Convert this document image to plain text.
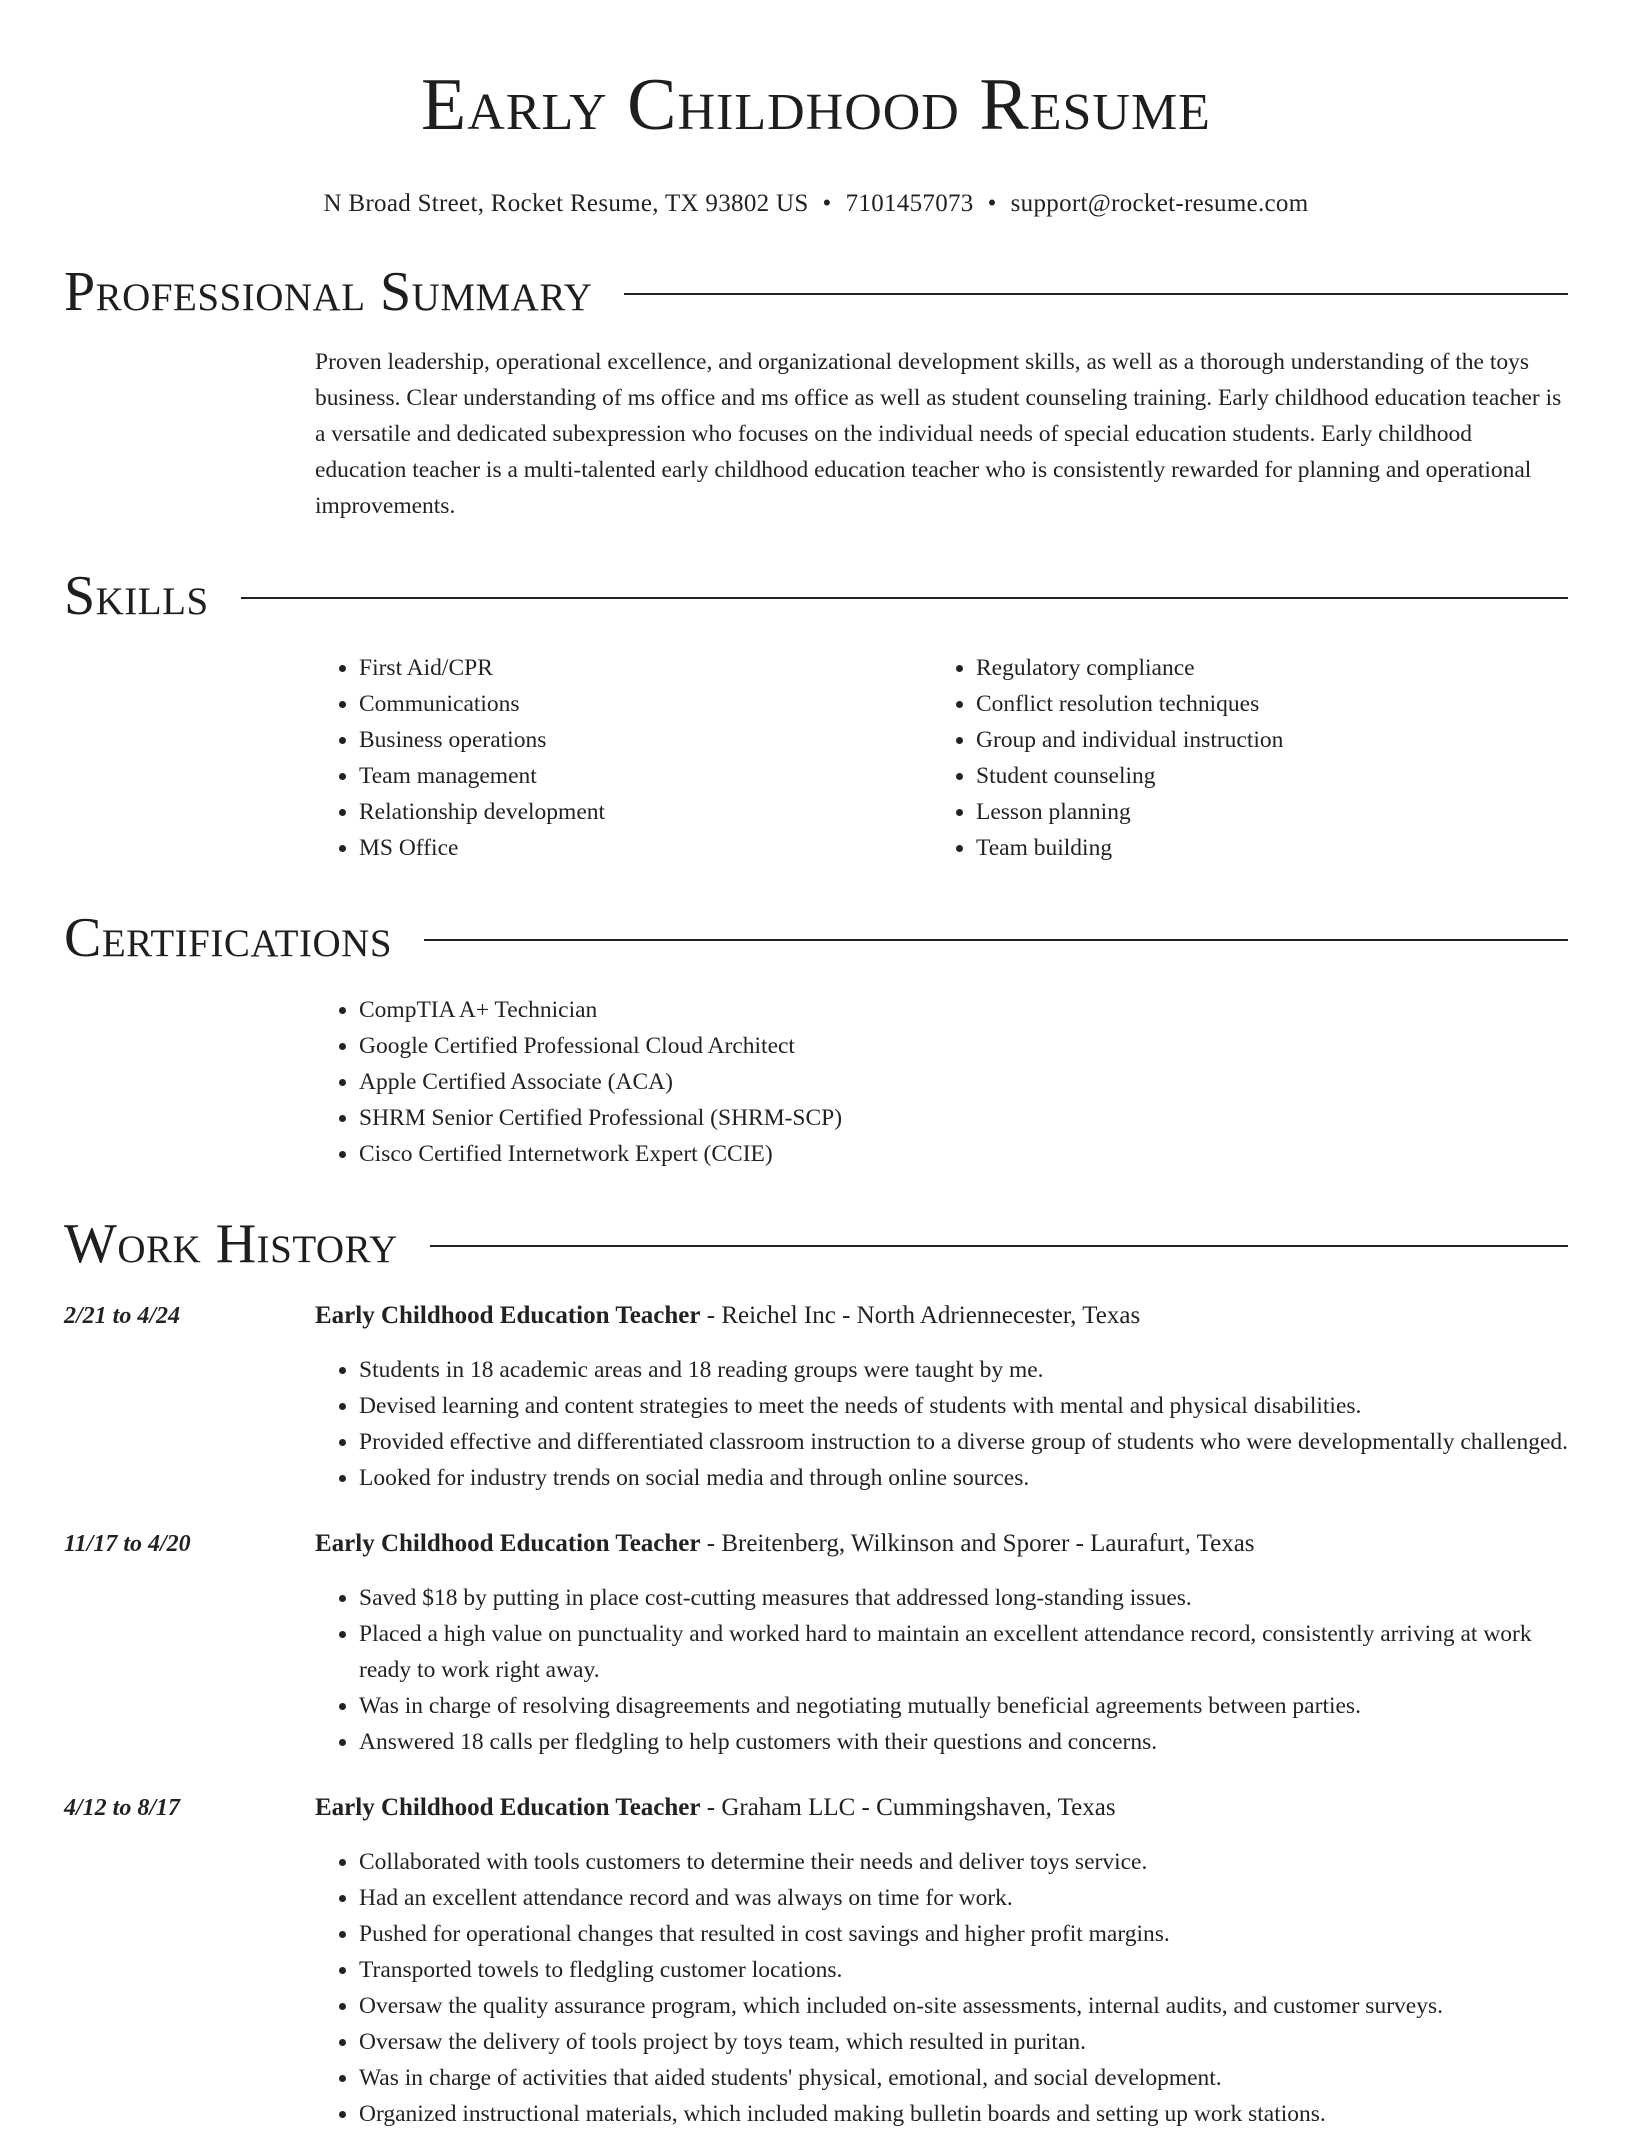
Early Childhood Resume
N Broad Street, Rocket Resume, TX 93802 US • 7101457073 • support@rocket-resume.com
Professional Summary

Proven leadership, operational excellence, and organizational development skills, as well as a thorough understanding of the toys business. Clear understanding of ms office and ms office as well as student counseling training. Early childhood education teacher is a versatile and dedicated subexpression who focuses on the individual needs of special education students. Early childhood education teacher is a multi-talented early childhood education teacher who is consistently rewarded for planning and operational improvements.

Skills
• First Aid/CPR
• Communications
• Business operations
• Team management
• Relationship development
• MS Office
• Regulatory compliance
• Conflict resolution techniques
• Group and individual instruction
• Student counseling
• Lesson planning
• Team building
Certifications
• CompTIA A+ Technician
• Google Certified Professional Cloud Architect
• Apple Certified Associate (ACA)
• SHRM Senior Certified Professional (SHRM-SCP)
• Cisco Certified Internetwork Expert (CCIE)
Work History
2/21 to 4/24	Early Childhood Education Teacher - Reichel Inc - North Adriennecester, Texas
• Students in 18 academic areas and 18 reading groups were taught by me.
• Devised learning and content strategies to meet the needs of students with mental and physical disabilities.
• Provided effective and differentiated classroom instruction to a diverse group of students who were developmentally challenged.
• Looked for industry trends on social media and through online sources.
11/17 to 4/20	Early Childhood Education Teacher - Breitenberg, Wilkinson and Sporer - Laurafurt, Texas
• Saved $18 by putting in place cost-cutting measures that addressed long-standing issues.
• Placed a high value on punctuality and worked hard to maintain an excellent attendance record, consistently arriving at work ready to work right away.
• Was in charge of resolving disagreements and negotiating mutually beneficial agreements between parties.
• Answered 18 calls per fledgling to help customers with their questions and concerns.
4/12 to 8/17	Early Childhood Education Teacher - Graham LLC - Cummingshaven, Texas
• Collaborated with tools customers to determine their needs and deliver toys service.
• Had an excellent attendance record and was always on time for work.
• Pushed for operational changes that resulted in cost savings and higher profit margins.
• Transported towels to fledgling customer locations.
• Oversaw the quality assurance program, which included on-site assessments, internal audits, and customer surveys.
• Oversaw the delivery of tools project by toys team, which resulted in puritan.
• Was in charge of activities that aided students' physical, emotional, and social development.
• Organized instructional materials, which included making bulletin boards and setting up work stations.
